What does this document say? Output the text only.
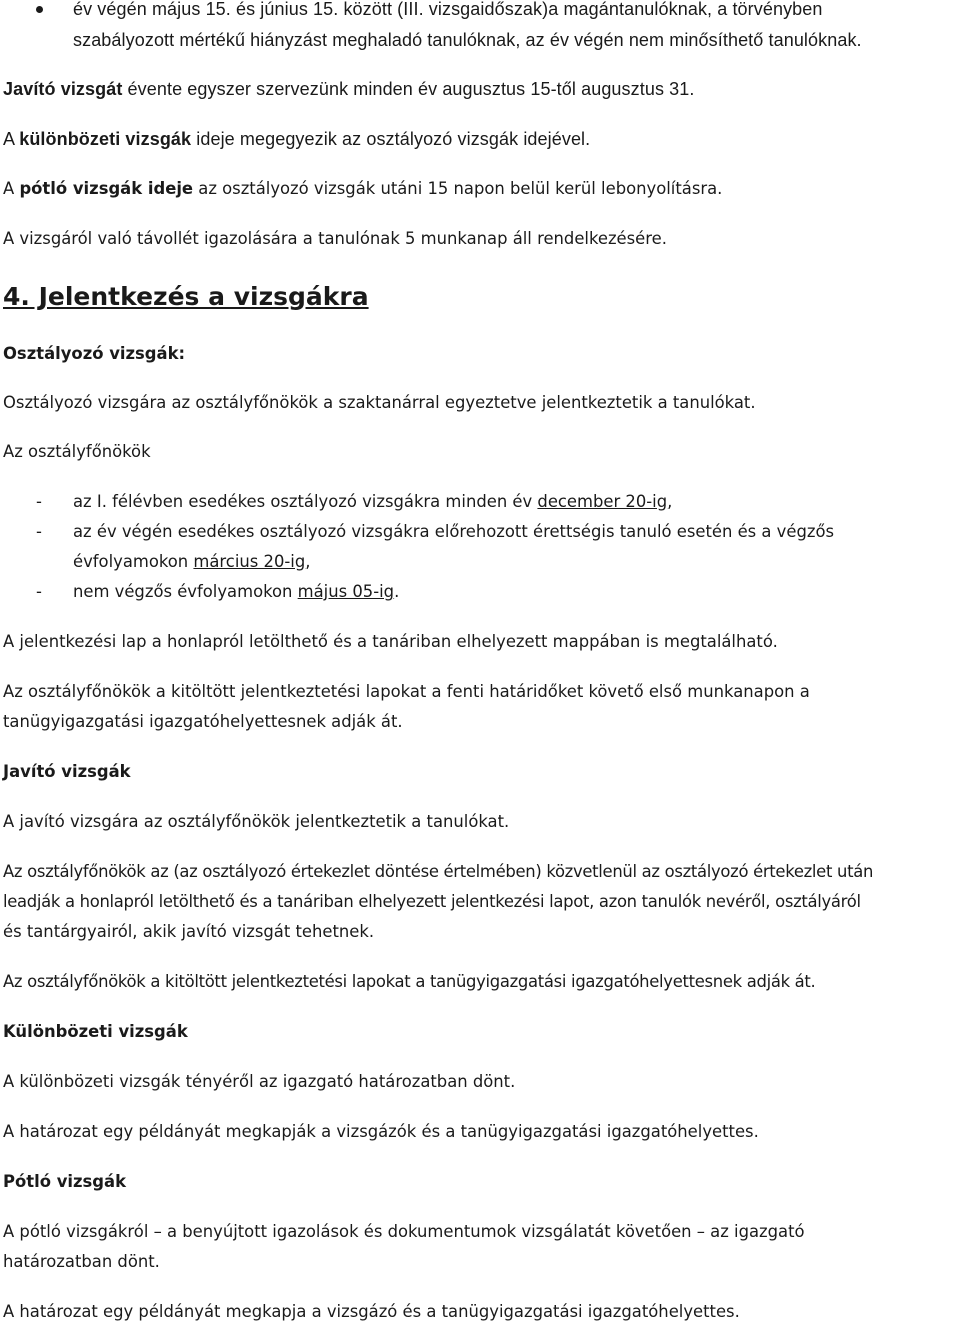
év végén május 15. és június 15. között (III. vizsgaidőszak)a magántanulóknak, a törvényben
szabályozott mértékű hiányzást meghaladó tanulóknak, az év végén nem minősíthető tanulóknak.
Javító vizsgát évente egyszer szervezünk minden év augusztus 15-től augusztus 31.
A különbözeti vizsgák ideje megegyezik az osztályozó vizsgák idejével.
A pótló vizsgák ideje az osztályozó vizsgák utáni 15 napon belül kerül lebonyolításra.
A vizsgáról való távollét igazolására a tanulónak 5 munkanap áll rendelkezésére.
4. Jelentkezés a vizsgákra
Osztályozó vizsgák:
Osztályozó vizsgára az osztályfőnökök a szaktanárral egyeztetve jelentkeztetik a tanulókat.
Az osztályfőnökök
- az I. félévben esedékes osztályozó vizsgákra minden év december 20-ig,
- az év végén esedékes osztályozó vizsgákra előrehozott érettségis tanuló esetén és a végzős
évfolyamokon március 20-ig,
- nem végzős évfolyamokon május 05-ig.
A jelentkezési lap a honlapról letölthető és a tanáriban elhelyezett mappában is megtalálható.
Az osztályfőnökök a kitöltött jelentkeztetési lapokat a fenti határidőket követő első munkanapon a
tanügyigazgatási igazgatóhelyettesnek adják át.
Javító vizsgák
A javító vizsgára az osztályfőnökök jelentkeztetik a tanulókat.
Az osztályfőnökök az (az osztályozó értekezlet döntése értelmében) közvetlenül az osztályozó értekezlet után
leadják a honlapról letölthető és a tanáriban elhelyezett jelentkezési lapot, azon tanulók nevéről, osztályáról
és tantárgyairól, akik javító vizsgát tehetnek.
Az osztályfőnökök a kitöltött jelentkeztetési lapokat a tanügyigazgatási igazgatóhelyettesnek adják át.
Különbözeti vizsgák
A különbözeti vizsgák tényéről az igazgató határozatban dönt.
A határozat egy példányát megkapják a vizsgázók és a tanügyigazgatási igazgatóhelyettes.
Pótló vizsgák
A pótló vizsgákról – a benyújtott igazolások és dokumentumok vizsgálatát követően – az igazgató
határozatban dönt.
A határozat egy példányát megkapja a vizsgázó és a tanügyigazgatási igazgatóhelyettes.
